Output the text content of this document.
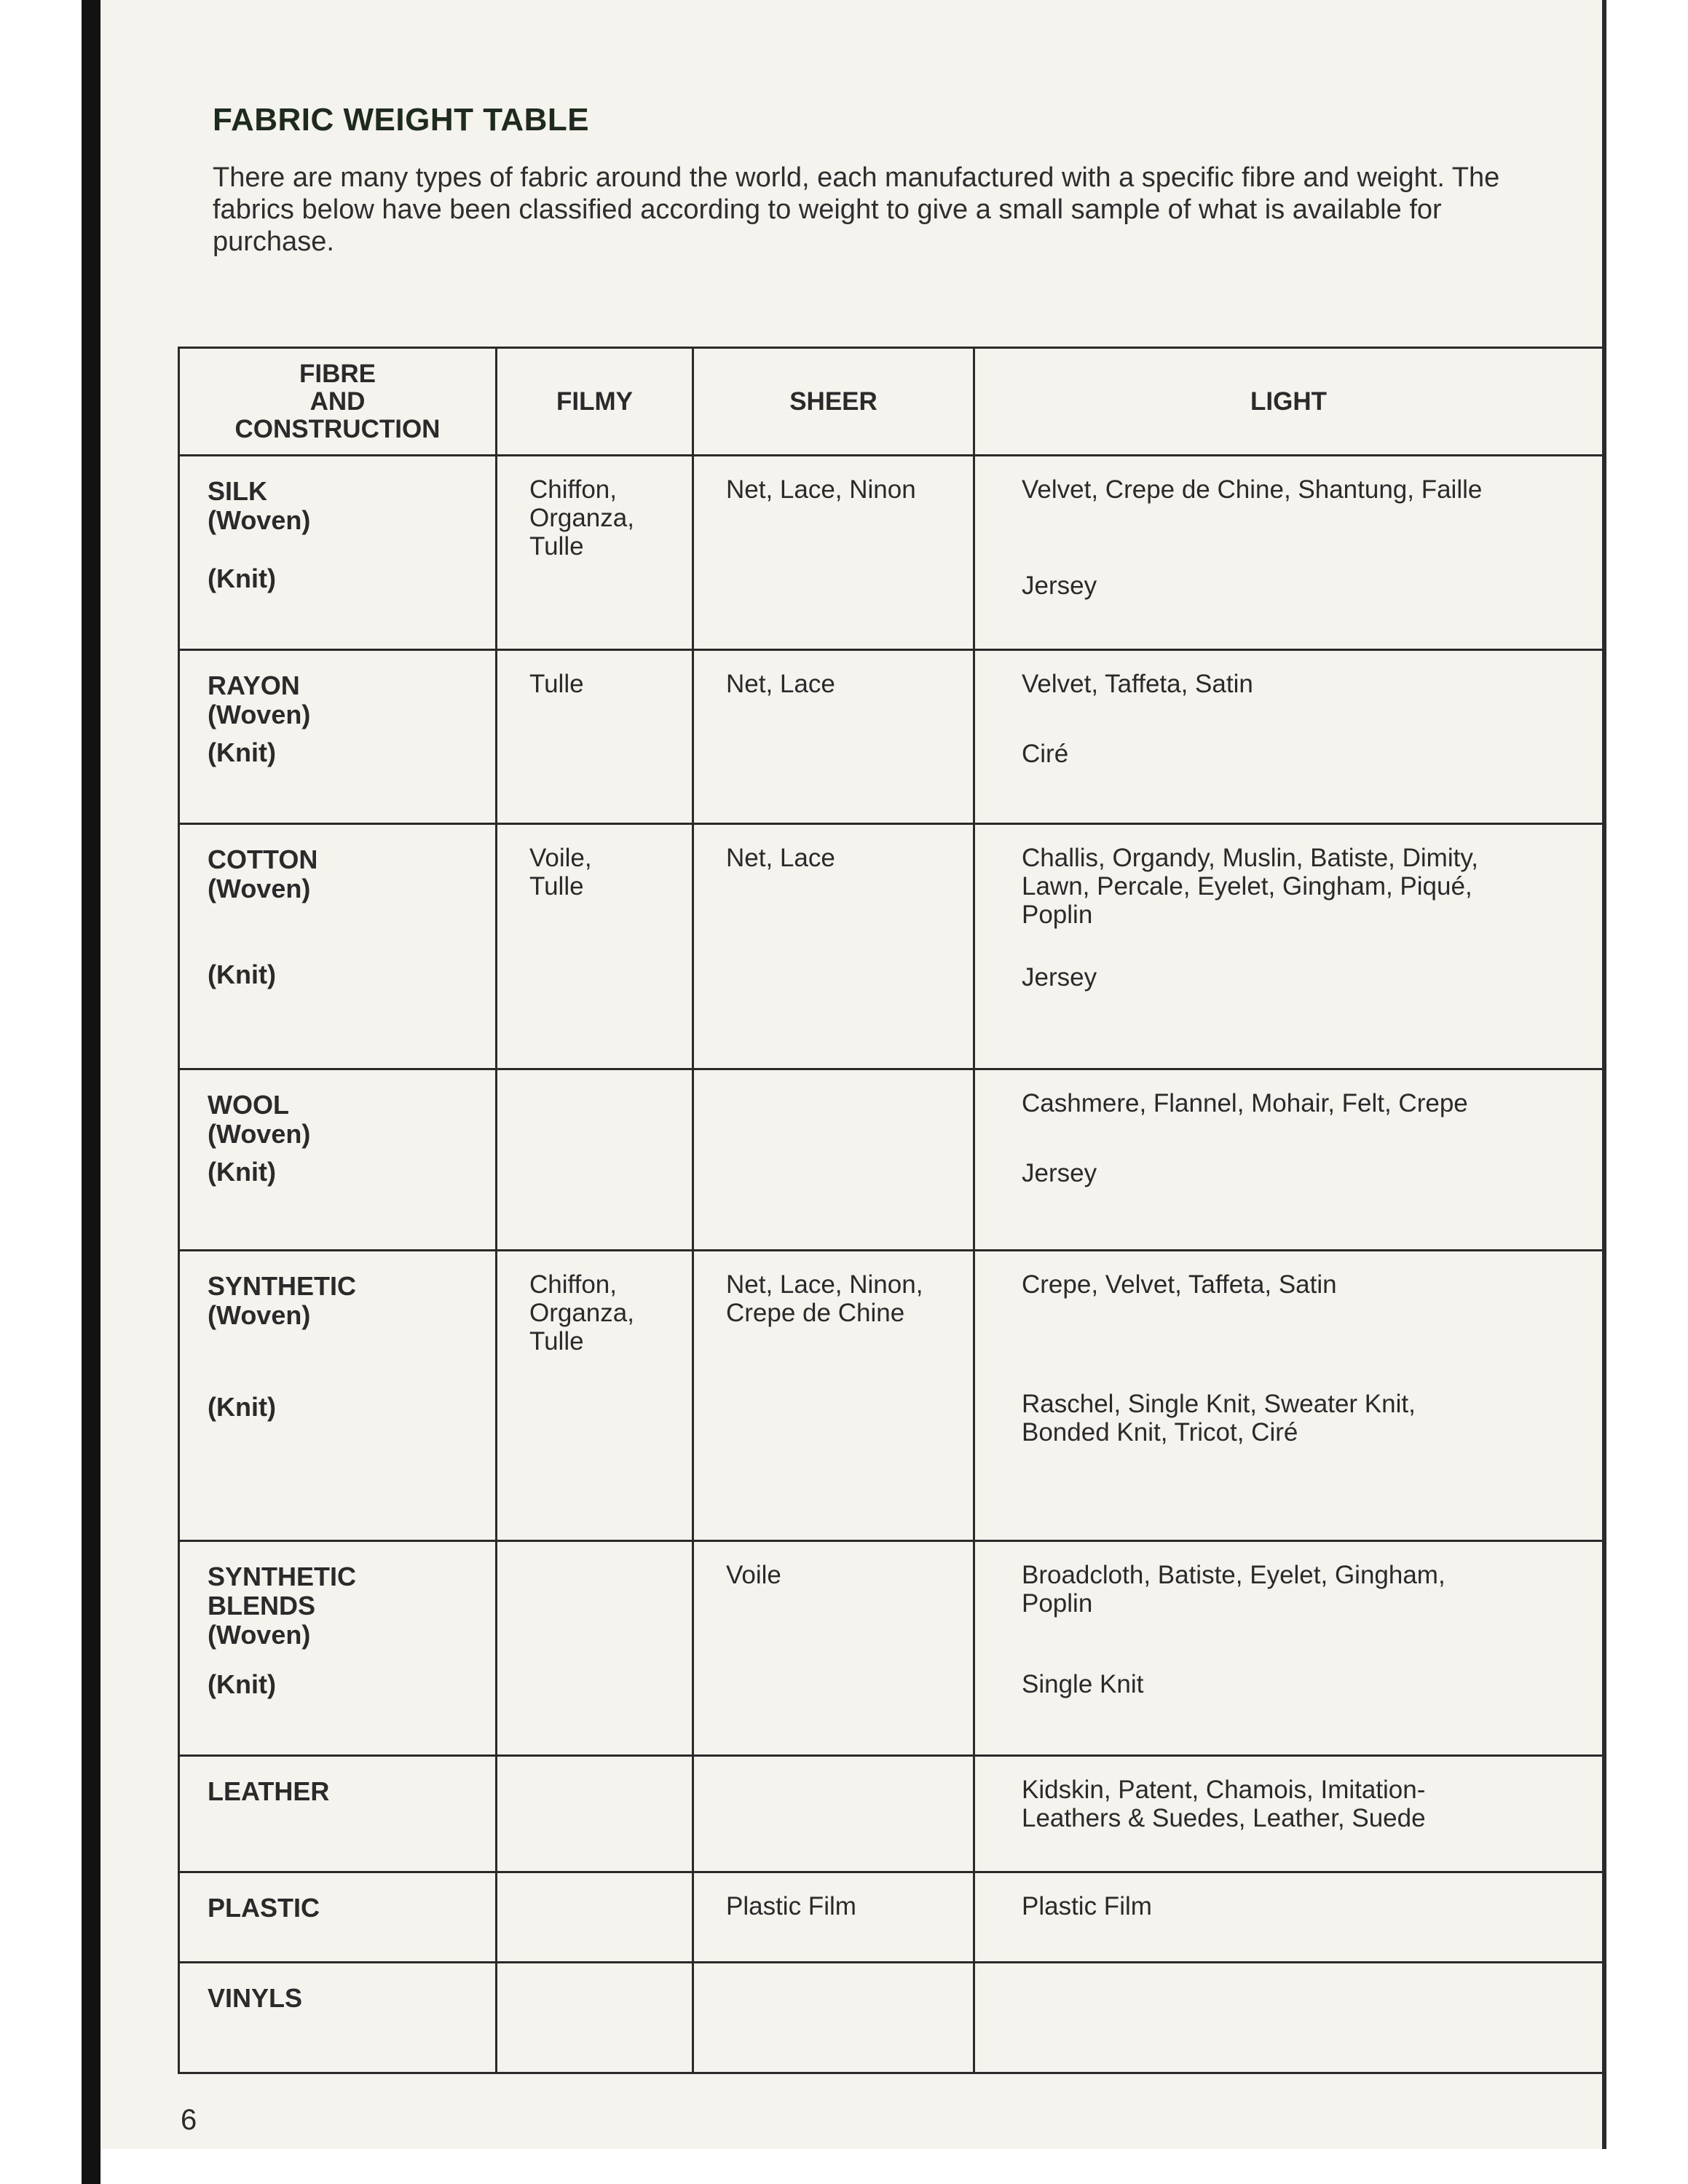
FABRIC WEIGHT TABLE
There are many types of fabric around the world, each manufactured with a specific fibre and weight. The fabrics below have been classified according to weight to give a small sample of what is available for purchase.
FIBRE
AND
CONSTRUCTION	FILMY	SHEER	LIGHT

SILK
(Woven)
(Knit)	Chiffon,
Organza,
Tulle	Net, Lace, Ninon	Velvet, Crepe de Chine, Shantung, Faille
Jersey

RAYON
(Woven)
(Knit)	Tulle	Net, Lace	Velvet, Taffeta, Satin
Ciré

COTTON
(Woven)
(Knit)	Voile,
Tulle	Net, Lace	Challis, Organdy, Muslin, Batiste, Dimity,
Lawn, Percale, Eyelet, Gingham, Piqué,
Poplin
Jersey

WOOL
(Woven)
(Knit)			Cashmere, Flannel, Mohair, Felt, Crepe
Jersey

SYNTHETIC
(Woven)
(Knit)	Chiffon,
Organza,
Tulle	Net, Lace, Ninon,
Crepe de Chine	Crepe, Velvet, Taffeta, Satin
Raschel, Single Knit, Sweater Knit,
Bonded Knit, Tricot, Ciré

SYNTHETIC
BLENDS
(Woven)
(Knit)		Voile	Broadcloth, Batiste, Eyelet, Gingham,
Poplin
Single Knit

LEATHER			Kidskin, Patent, Chamois, Imitation-
Leathers & Suedes, Leather, Suede

PLASTIC		Plastic Film	Plastic Film

VINYLS			

6
